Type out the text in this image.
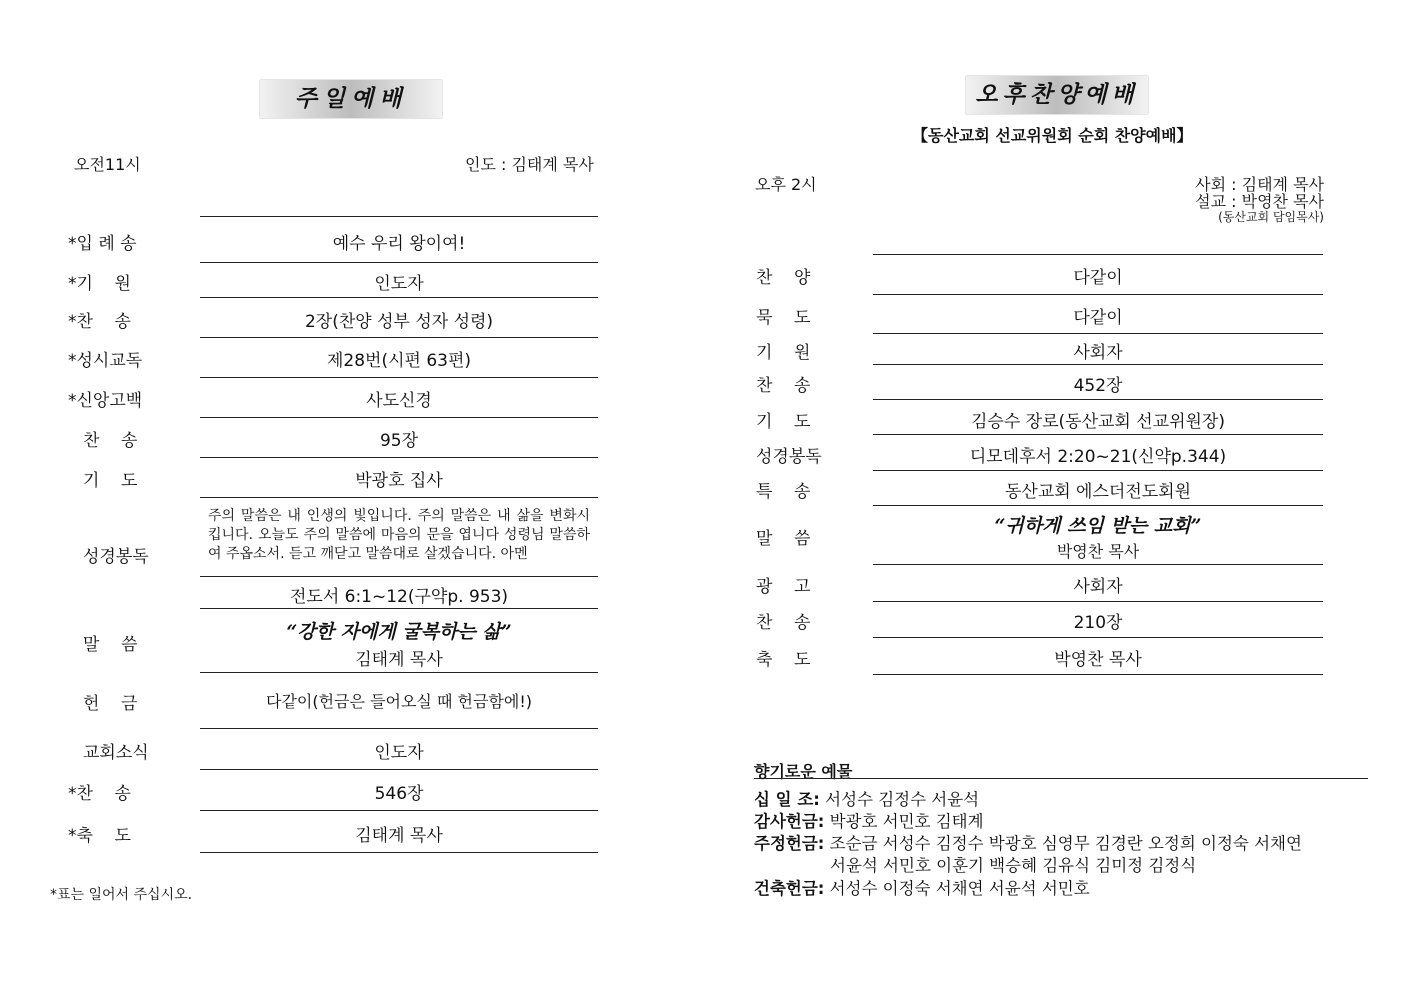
주일예배
오전11시	인도 : 김태계 목사
*입 례 송
*기    원
*찬    송
*성시교독
*신앙고백
찬    송
기    도
성경봉독
말    씀
헌    금
교회소식
*찬    송
*축    도
예수 우리 왕이여!
인도자
2장(찬양 성부 성자 성령)
제28번(시편 63편)
사도신경
95장
박광호 집사
주의 말씀은 내 인생의 빛입니다. 주의 말씀은 내 삶을 변화시킵니다. 오늘도 주의 말씀에 마음의 문을 엽니다 성령님 말씀하여 주옵소서. 듣고 깨닫고 말씀대로 살겠습니다. 아멘
전도서 6:1~12(구약p. 953)
“강한 자에게 굴복하는 삶”
김태계 목사
다같이(헌금은 들어오실 때 헌금함에!)
인도자
546장
김태계 목사
*표는 일어서 주십시오.
오후찬양예배
【동산교회 선교위원회 순회 찬양예배】
오후 2시	사회 : 김태계 목사
설교 : 박영찬 목사
(동산교회 담임목사)
찬    양
묵    도
기    원
찬    송
기    도
성경봉독
특    송
말    씀
광    고
찬    송
축    도
다같이
다같이
사회자
452장
김승수 장로(동산교회 선교위원장)
디모데후서 2:20~21(신약p.344)
동산교회 에스더전도회원
“귀하게 쓰임 받는 교회”
박영찬 목사
사회자
210장
박영찬 목사
향기로운 예물
십 일 조: 서성수 김정수 서윤석
감사헌금: 박광호 서민호 김태계
주정헌금: 조순금 서성수 김정수 박광호 심영무 김경란 오정희 이정숙 서채연
서윤석 서민호 이훈기 백승혜 김유식 김미정 김정식
건축헌금: 서성수 이정숙 서채연 서윤석 서민호
